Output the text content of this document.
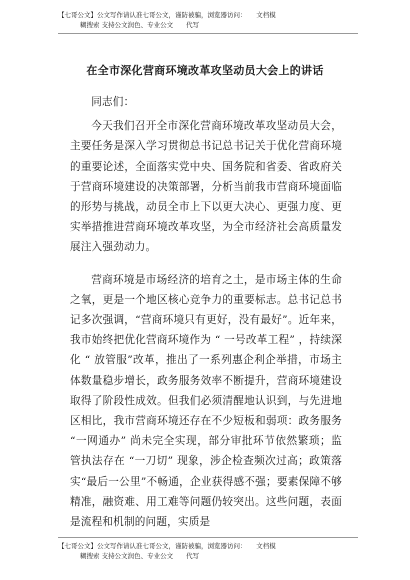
【七哥公文】公文写作请认准七哥公文，谨防被骗，浏览器访问：　　文档模
糊搜索 支持公文润色、专业公文　　代写
在全市深化营商环境改革攻坚动员大会上的讲话

同志们：

今天我们召开全市深化营商环境改革攻坚动员大会，主要任务是深入学习贯彻总书记总书记关于优化营商环境的重要论述，全面落实党中央、国务院和省委、省政府关于营商环境建设的决策部署，分析当前我市营商环境面临的形势与挑战，动员全市上下以更大决心、更强力度、更实举措推进营商环境改革攻坚，为全市经济社会高质量发展注入强劲动力。

营商环境是市场经济的培育之土，是市场主体的生命之氧，更是一个地区核心竞争力的重要标志。总书记总书记多次强调，“营商环境只有更好，没有最好”。近年来，我市始终把优化营商环境作为 “ 一号改革工程” ，持续深化 “ 放管服”改革，推出了一系列惠企利企举措，市场主体数量稳步增长，政务服务效率不断提升，营商环境建设取得了阶段性成效。但我们必须清醒地认识到，与先进地区相比，我市营商环境还存在不少短板和弱项：政务服务 “一网通办” 尚未完全实现，部分审批环节依然繁琐；监管执法存在 “一刀切” 现象，涉企检查频次过高；政策落实“最后一公里”不畅通，企业获得感不强；要素保障不够精准，融资难、用工难等问题仍较突出。这些问题，表面是流程和机制的问题，实质是

【七哥公文】公文写作请认准七哥公文，谨防被骗，浏览器访问：　　文档模
糊搜索 支持公文润色、专业公文　　代写
